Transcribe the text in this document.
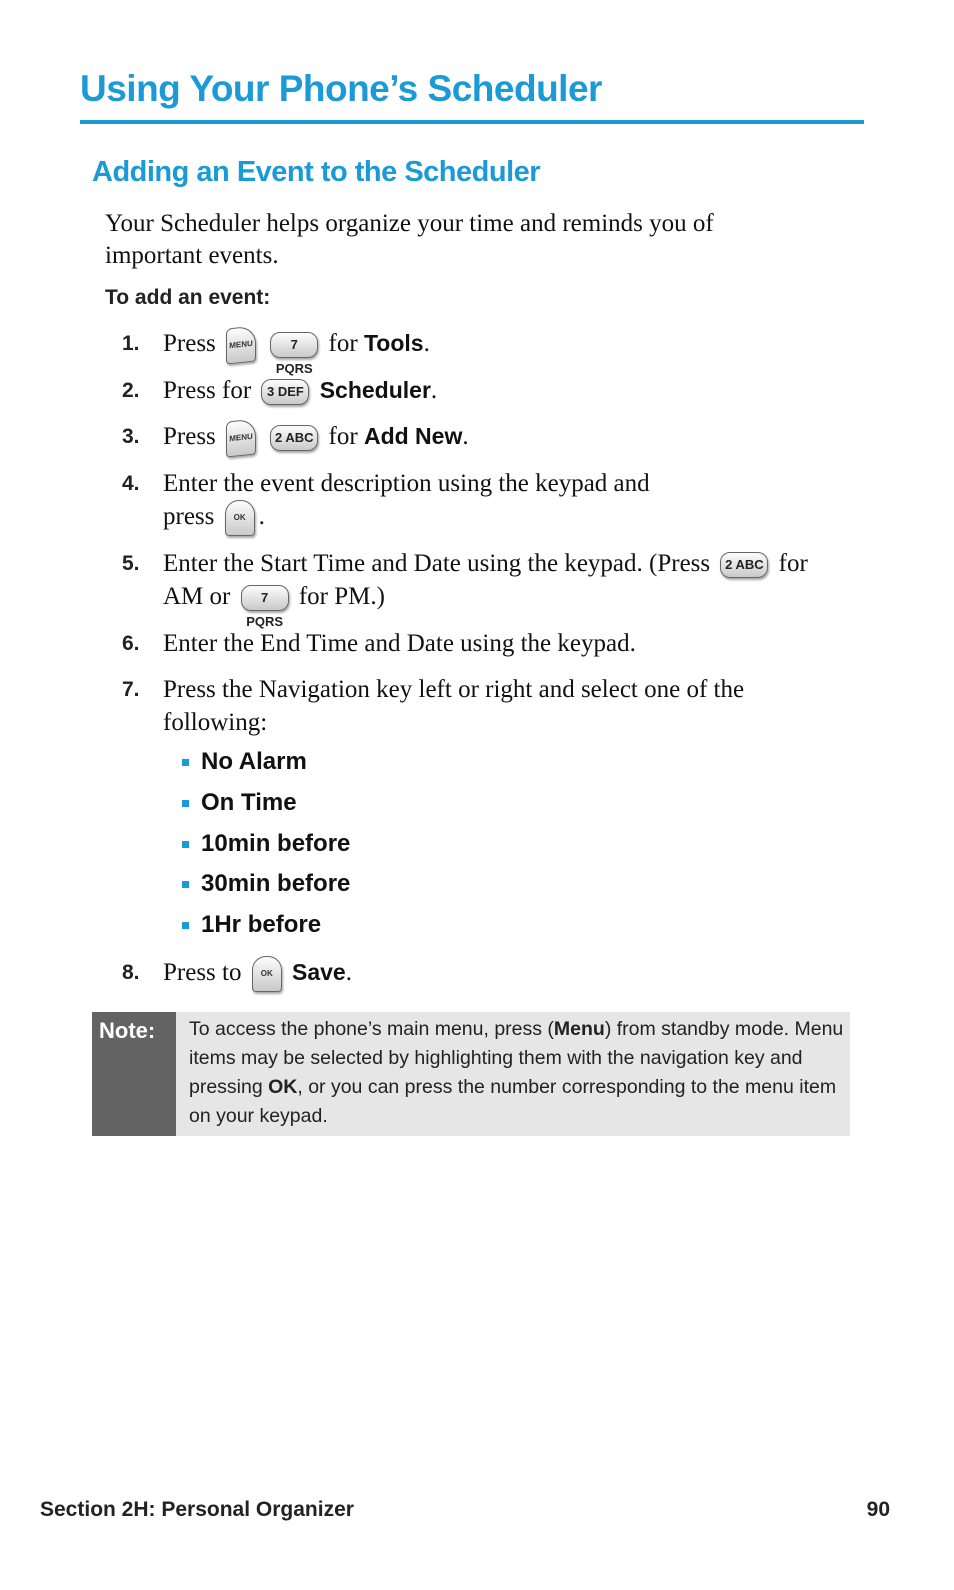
Using Your Phone’s Scheduler
Adding an Event to the Scheduler

Your Scheduler helps organize your time and reminds you of important events.

To add an event:

1. Press MENU	7 PQRS for Tools.
2. Press for 3 DEF Scheduler.
3. Press MENU 2 ABC for Add New.
4. Enter the event description using the keypad and
press OK .
5. Enter the Start Time and Date using the keypad. (Press 2 ABC for
AM or 7 PQRS for PM.)
6. Enter the End Time and Date using the keypad.
7. Press the Navigation key left or right and select one of the
following:
No Alarm
On Time
10min before
30min before
1Hr before
8. Press to OK Save.
Note:	To access the phone’s main menu, press (Menu) from standby mode. Menu items may be selected by highlighting them with the navigation key and pressing OK, or you can press the number corresponding to the menu item on your keypad.
Section 2H: Personal Organizer	90
